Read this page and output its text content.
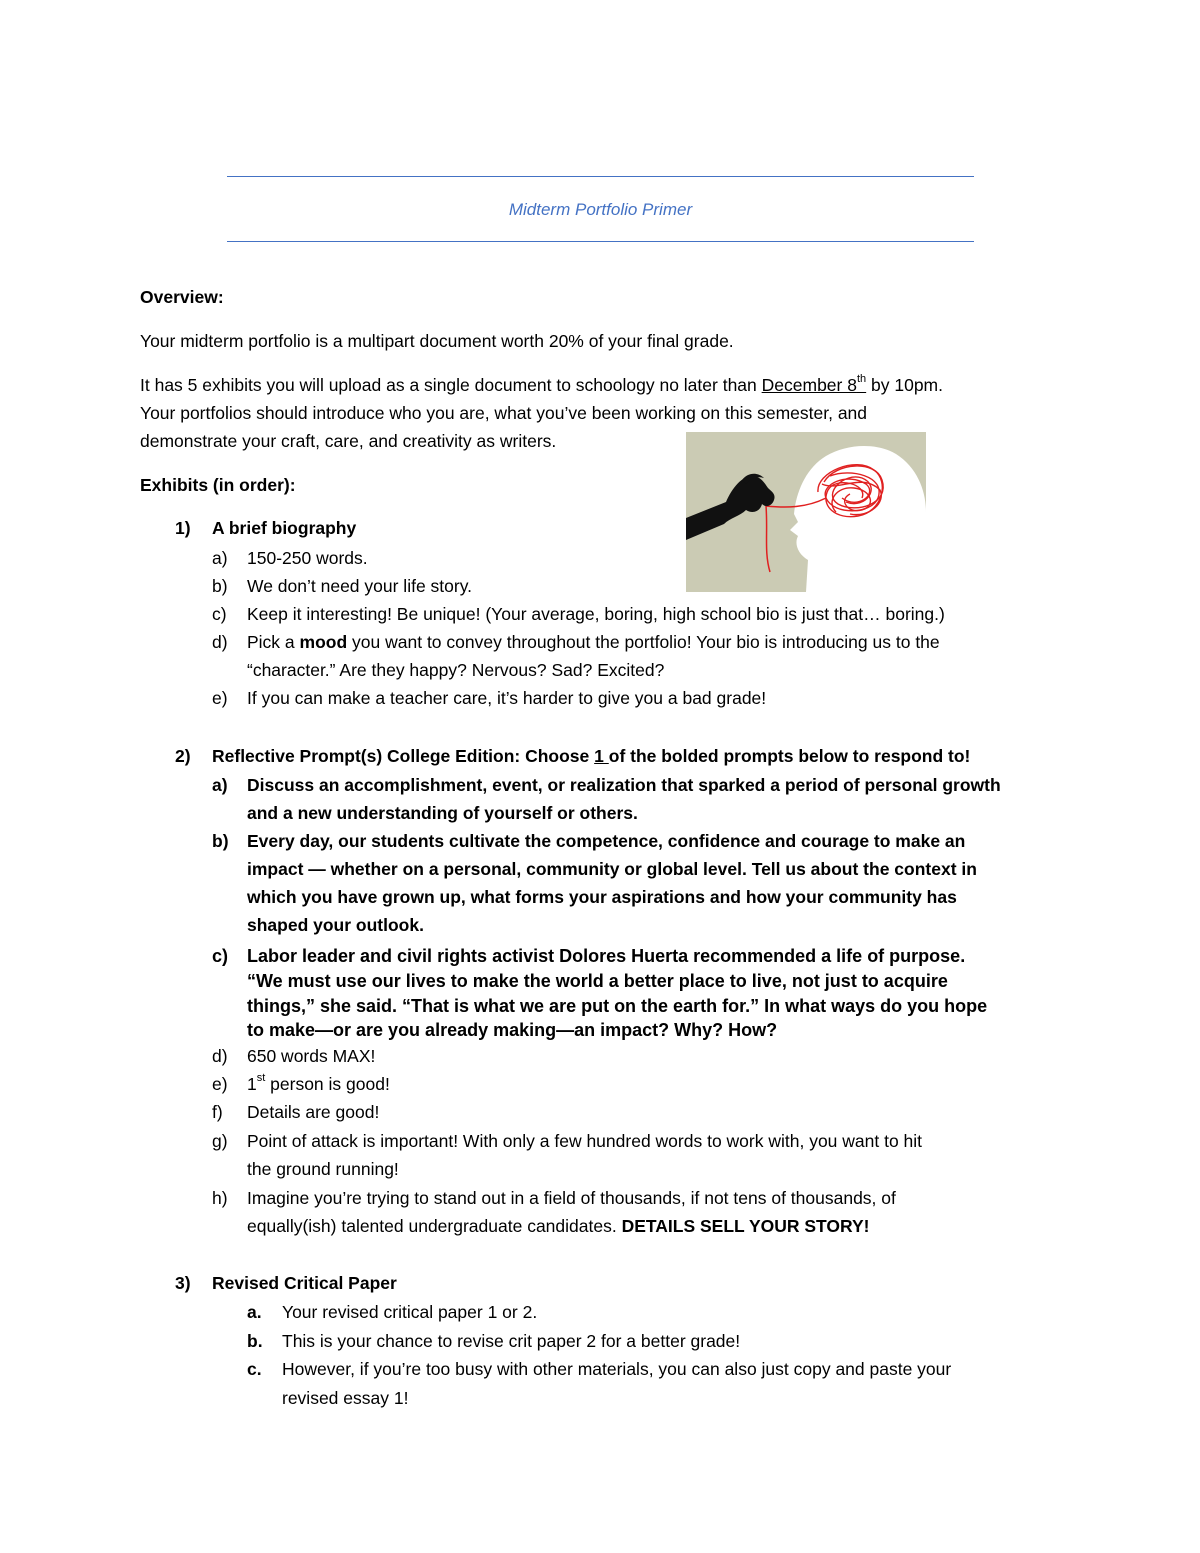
Midterm Portfolio Primer
Overview:
Your midterm portfolio is a multipart document worth 20% of your final grade.
It has 5 exhibits you will upload as a single document to schoology no later than December 8th by 10pm.
Your portfolios should introduce who you are, what you’ve been working on this semester, and
demonstrate your craft, care, and creativity as writers.
Exhibits (in order):
1) A brief biography
a) 150-250 words.
b) We don’t need your life story.
c) Keep it interesting! Be unique! (Your average, boring, high school bio is just that… boring.)
d) Pick a mood you want to convey throughout the portfolio! Your bio is introducing us to the
“character.” Are they happy? Nervous? Sad? Excited?
e) If you can make a teacher care, it’s harder to give you a bad grade!
2) Reflective Prompt(s) College Edition: Choose 1 of the bolded prompts below to respond to!
a) Discuss an accomplishment, event, or realization that sparked a period of personal growth
and a new understanding of yourself or others.
b) Every day, our students cultivate the competence, confidence and courage to make an
impact — whether on a personal, community or global level. Tell us about the context in
which you have grown up, what forms your aspirations and how your community has
shaped your outlook.
c) Labor leader and civil rights activist Dolores Huerta recommended a life of purpose.
“We must use our lives to make the world a better place to live, not just to acquire
things,” she said. “That is what we are put on the earth for.” In what ways do you hope
to make—or are you already making—an impact? Why? How?
d) 650 words MAX!
e) 1st person is good!
f) Details are good!
g) Point of attack is important! With only a few hundred words to work with, you want to hit
the ground running!
h) Imagine you’re trying to stand out in a field of thousands, if not tens of thousands, of
equally(ish) talented undergraduate candidates. DETAILS SELL YOUR STORY!
3) Revised Critical Paper
a. Your revised critical paper 1 or 2.
b. This is your chance to revise crit paper 2 for a better grade!
c. However, if you’re too busy with other materials, you can also just copy and paste your
revised essay 1!
